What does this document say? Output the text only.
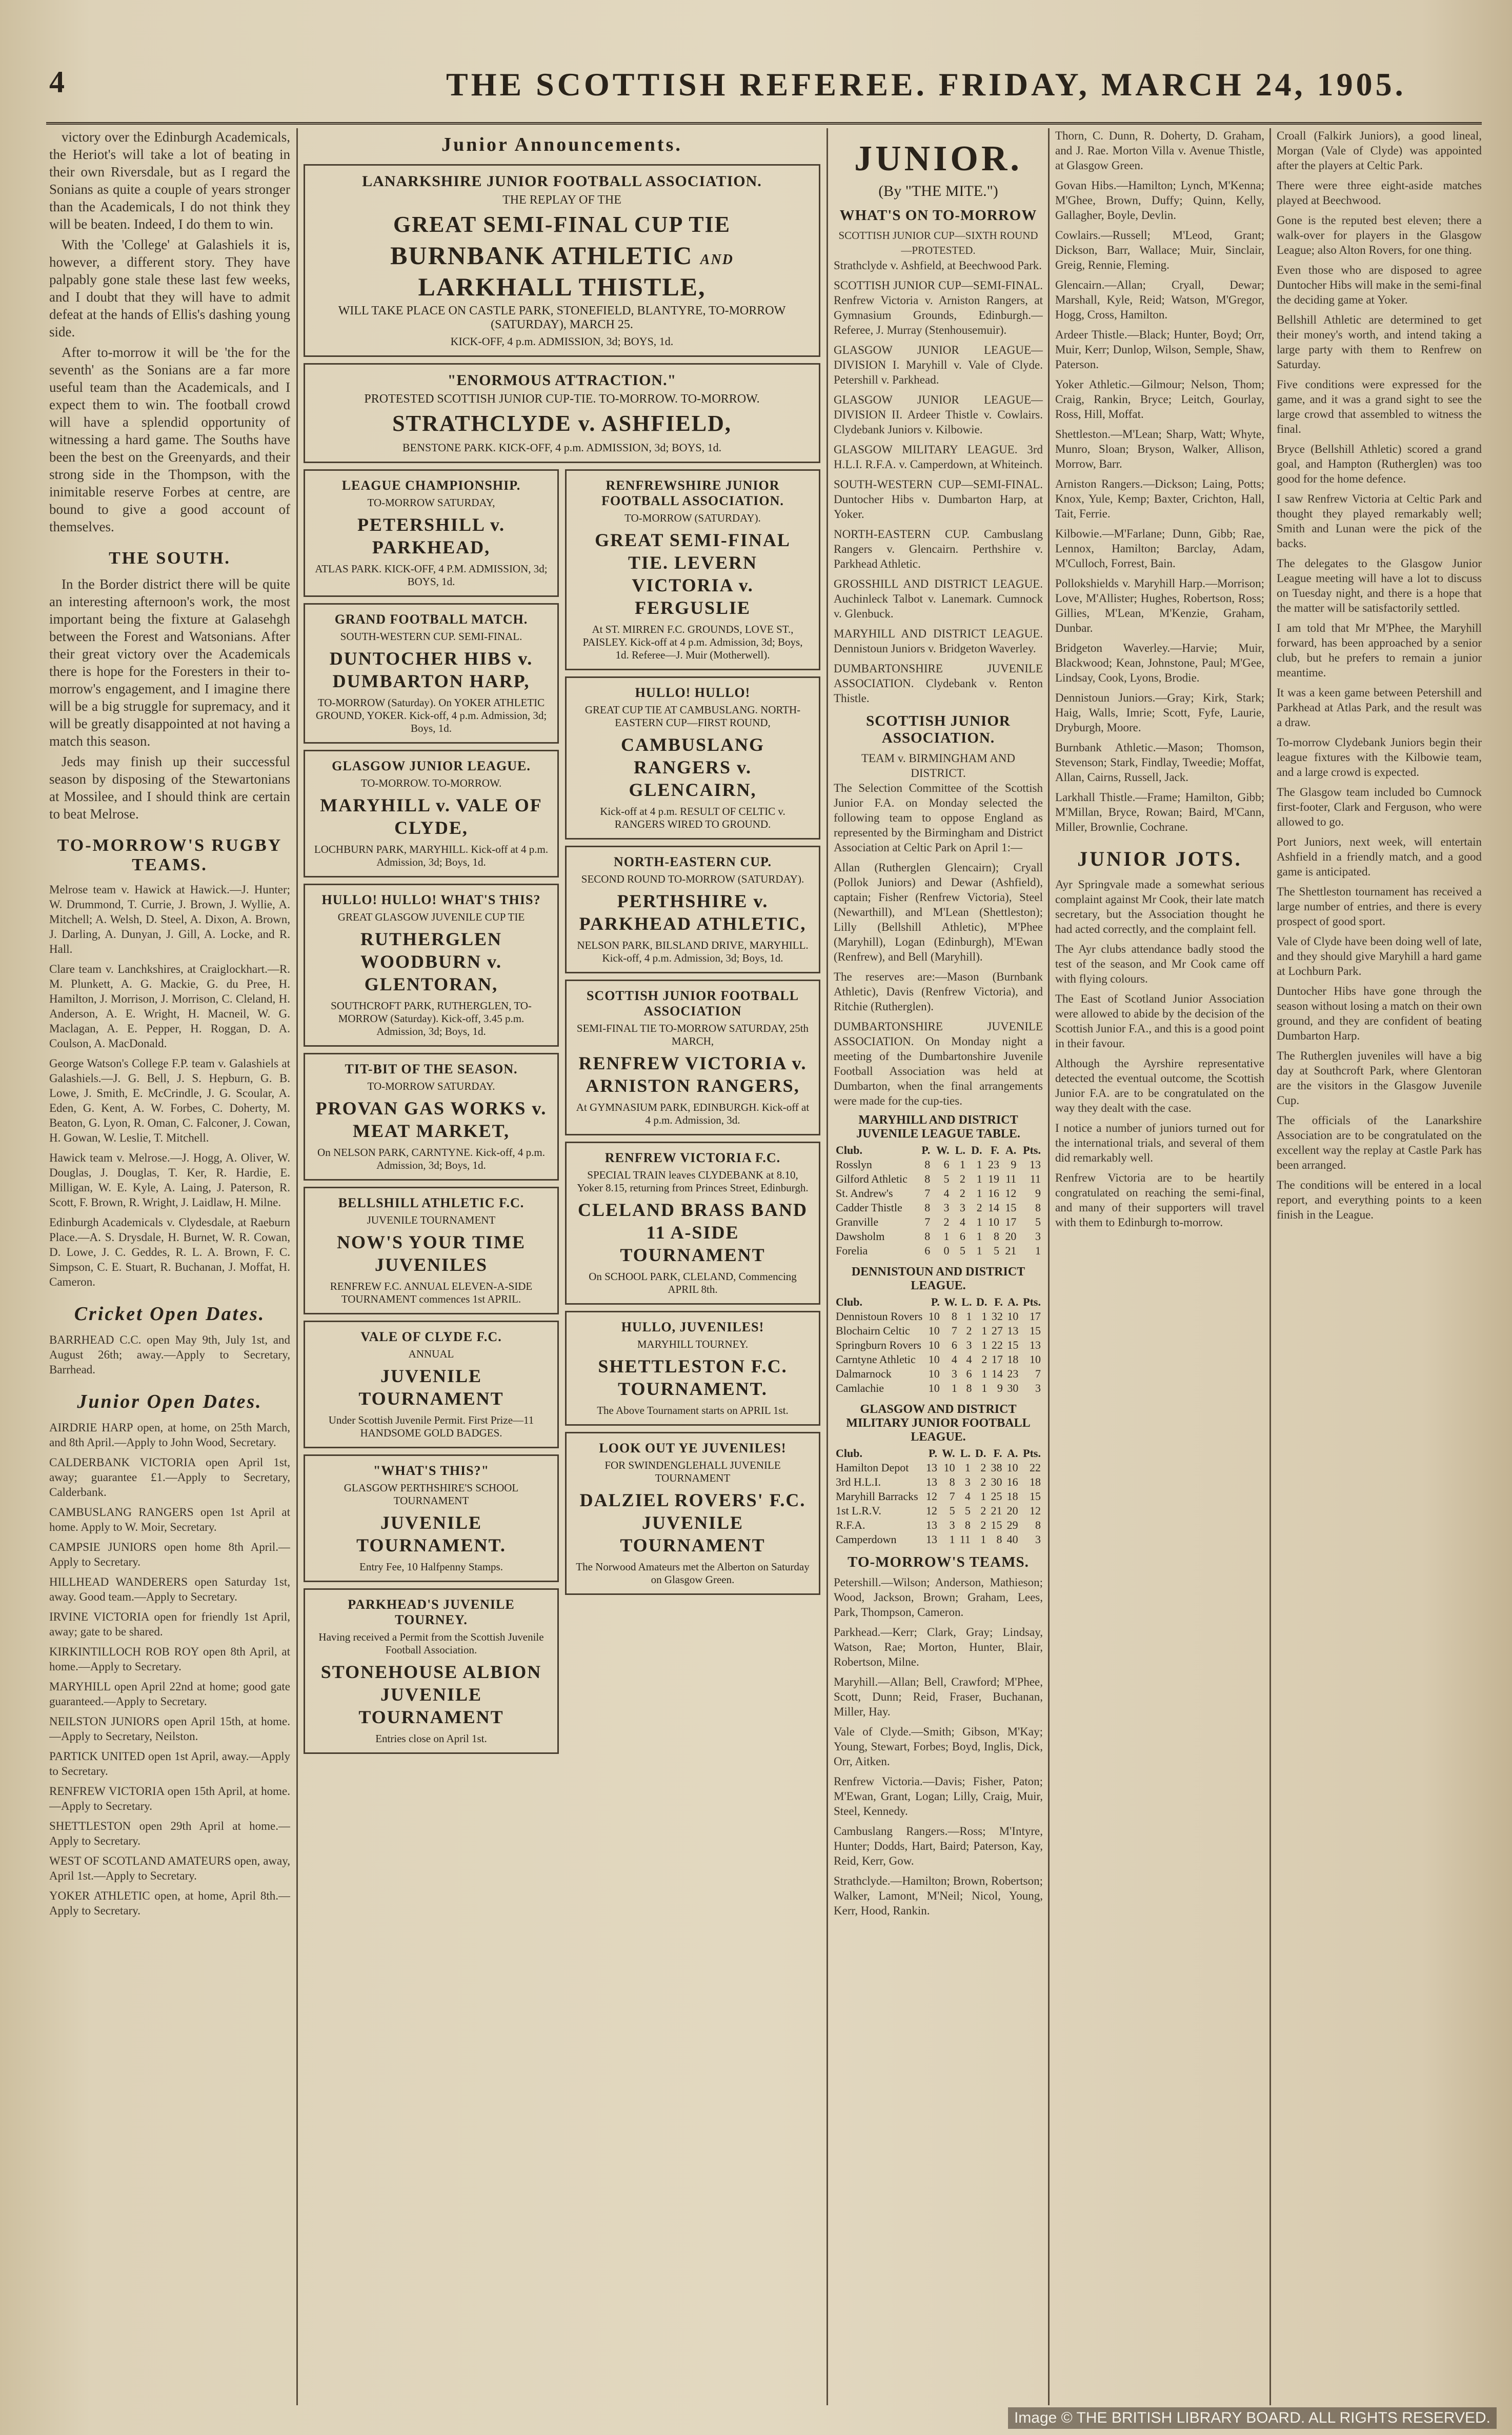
4	THE SCOTTISH REFEREE. FRIDAY, MARCH 24, 1905.

victory over the Edinburgh Academicals, the Heriot's will take a lot of beating in their own Riversdale, but as I regard the Sonians as quite a couple of years stronger than the Academicals, I do not think they will be beaten. Indeed, I do them to win.

With the 'College' at Galashiels it is, however, a different story. They have palpably gone stale these last few weeks, and I doubt that they will have to admit defeat at the hands of Ellis's dashing young side.

After to-morrow it will be 'the for the seventh' as the Sonians are a far more useful team than the Academicals, and I expect them to win. The football crowd will have a splendid opportunity of witnessing a hard game. The Souths have been the best on the Greenyards, and their strong side in the Thompson, with the inimitable reserve Forbes at centre, are bound to give a good account of themselves.

THE SOUTH.

In the Border district there will be quite an interesting afternoon's work, the most important being the fixture at Galasehgh between the Forest and Watsonians. After their great victory over the Academicals there is hope for the Foresters in their to-morrow's engagement, and I imagine there will be a big struggle for supremacy, and it will be greatly disappointed at not having a match this season.

Jeds may finish up their successful season by disposing of the Stewartonians at Mossilee, and I should think are certain to beat Melrose.

TO-MORROW'S RUGBY TEAMS.

Melrose team v. Hawick at Hawick.—J. Hunter; W. Drummond, T. Currie, J. Brown, J. Wyllie, A. Mitchell; A. Welsh, D. Steel, A. Dixon, A. Brown, J. Darling, A. Dunyan, J. Gill, A. Locke, and R. Hall.

Clare team v. Lanchkshires, at Craiglockhart.—R. M. Plunkett, A. G. Mackie, G. du Pree, H. Hamilton, J. Morrison, J. Morrison, C. Cleland, H. Anderson, A. E. Wright, H. Macneil, W. G. Maclagan, A. E. Pepper, H. Roggan, D. A. Coulson, A. MacDonald.

George Watson's College F.P. team v. Galashiels at Galashiels.—J. G. Bell, J. S. Hepburn, G. B. Lowe, J. Smith, E. McCrindle, J. G. Scoular, A. Eden, G. Kent, A. W. Forbes, C. Doherty, M. Beaton, G. Lyon, R. Oman, C. Falconer, J. Cowan, H. Gowan, W. Leslie, T. Mitchell.

Hawick team v. Melrose.—J. Hogg, A. Oliver, W. Douglas, J. Douglas, T. Ker, R. Hardie, E. Milligan, W. E. Kyle, A. Laing, J. Paterson, R. Scott, F. Brown, R. Wright, J. Laidlaw, H. Milne.

Edinburgh Academicals v. Clydesdale, at Raeburn Place.—A. S. Drysdale, H. Burnet, W. R. Cowan, D. Lowe, J. C. Geddes, R. L. A. Brown, F. C. Simpson, C. E. Stuart, R. Buchanan, J. Moffat, H. Cameron.

Cricket Open Dates.

BARRHEAD C.C. open May 9th, July 1st, and August 26th; away.—Apply to Secretary, Barrhead.

Junior Open Dates.

AIRDRIE HARP open, at home, on 25th March, and 8th April.—Apply to John Wood, Secretary.

CALDERBANK VICTORIA open April 1st, away; guarantee £1.—Apply to Secretary, Calderbank.

CAMBUSLANG RANGERS open 1st April at home. Apply to W. Moir, Secretary.

CAMPSIE JUNIORS open home 8th April.—Apply to Secretary.

HILLHEAD WANDERERS open Saturday 1st, away. Good team.—Apply to Secretary.

IRVINE VICTORIA open for friendly 1st April, away; gate to be shared.

KIRKINTILLOCH ROB ROY open 8th April, at home.—Apply to Secretary.

MARYHILL open April 22nd at home; good gate guaranteed.—Apply to Secretary.

NEILSTON JUNIORS open April 15th, at home.—Apply to Secretary, Neilston.

PARTICK UNITED open 1st April, away.—Apply to Secretary.

RENFREW VICTORIA open 15th April, at home.—Apply to Secretary.

SHETTLESTON open 29th April at home.—Apply to Secretary.

WEST OF SCOTLAND AMATEURS open, away, April 1st.—Apply to Secretary.

YOKER ATHLETIC open, at home, April 8th.—Apply to Secretary.

Junior Announcements.
LANARKSHIRE JUNIOR FOOTBALL ASSOCIATION.
THE REPLAY OF THE
GREAT SEMI-FINAL CUP TIE
BURNBANK ATHLETIC AND LARKHALL THISTLE,
WILL TAKE PLACE ON CASTLE PARK, STONEFIELD, BLANTYRE, TO-MORROW (SATURDAY), MARCH 25.
KICK-OFF, 4 p.m. ADMISSION, 3d; BOYS, 1d.
"ENORMOUS ATTRACTION."
PROTESTED SCOTTISH JUNIOR CUP-TIE. TO-MORROW. TO-MORROW.
STRATHCLYDE v. ASHFIELD,
BENSTONE PARK. KICK-OFF, 4 p.m. ADMISSION, 3d; BOYS, 1d.
LEAGUE CHAMPIONSHIP.
TO-MORROW SATURDAY,
PETERSHILL v. PARKHEAD,
ATLAS PARK. KICK-OFF, 4 P.M. ADMISSION, 3d; BOYS, 1d.
GRAND FOOTBALL MATCH.
SOUTH-WESTERN CUP. SEMI-FINAL.
DUNTOCHER HIBS v. DUMBARTON HARP,
TO-MORROW (Saturday). On YOKER ATHLETIC GROUND, YOKER. Kick-off, 4 p.m. Admission, 3d; Boys, 1d.
GLASGOW JUNIOR LEAGUE.
TO-MORROW. TO-MORROW.
MARYHILL v. VALE OF CLYDE,
LOCHBURN PARK, MARYHILL. Kick-off at 4 p.m. Admission, 3d; Boys, 1d.
HULLO! HULLO! WHAT'S THIS?
GREAT GLASGOW JUVENILE CUP TIE
RUTHERGLEN WOODBURN v. GLENTORAN,
SOUTHCROFT PARK, RUTHERGLEN, TO-MORROW (Saturday). Kick-off, 3.45 p.m. Admission, 3d; Boys, 1d.
TIT-BIT OF THE SEASON.
TO-MORROW SATURDAY.
PROVAN GAS WORKS v. MEAT MARKET,
On NELSON PARK, CARNTYNE. Kick-off, 4 p.m. Admission, 3d; Boys, 1d.
BELLSHILL ATHLETIC F.C.
JUVENILE TOURNAMENT
NOW'S YOUR TIME JUVENILES
RENFREW F.C. ANNUAL ELEVEN-A-SIDE TOURNAMENT commences 1st APRIL.
VALE OF CLYDE F.C.
ANNUAL
JUVENILE TOURNAMENT
Under Scottish Juvenile Permit. First Prize—11 HANDSOME GOLD BADGES.
"WHAT'S THIS?"
GLASGOW PERTHSHIRE'S SCHOOL TOURNAMENT
JUVENILE TOURNAMENT.
Entry Fee, 10 Halfpenny Stamps.
PARKHEAD'S JUVENILE TOURNEY.
Having received a Permit from the Scottish Juvenile Football Association.
STONEHOUSE ALBION JUVENILE TOURNAMENT
Entries close on April 1st.
RENFREWSHIRE JUNIOR FOOTBALL ASSOCIATION.
TO-MORROW (SATURDAY).
GREAT SEMI-FINAL TIE. LEVERN VICTORIA v. FERGUSLIE
At ST. MIRREN F.C. GROUNDS, LOVE ST., PAISLEY. Kick-off at 4 p.m. Admission, 3d; Boys, 1d. Referee—J. Muir (Motherwell).
HULLO! HULLO!
GREAT CUP TIE AT CAMBUSLANG. NORTH-EASTERN CUP—FIRST ROUND,
CAMBUSLANG RANGERS v. GLENCAIRN,
Kick-off at 4 p.m. RESULT OF CELTIC v. RANGERS WIRED TO GROUND.
NORTH-EASTERN CUP.
SECOND ROUND TO-MORROW (SATURDAY).
PERTHSHIRE v. PARKHEAD ATHLETIC,
NELSON PARK, BILSLAND DRIVE, MARYHILL. Kick-off, 4 p.m. Admission, 3d; Boys, 1d.
SCOTTISH JUNIOR FOOTBALL ASSOCIATION
SEMI-FINAL TIE TO-MORROW SATURDAY, 25th MARCH,
RENFREW VICTORIA v. ARNISTON RANGERS,
At GYMNASIUM PARK, EDINBURGH. Kick-off at 4 p.m. Admission, 3d.
RENFREW VICTORIA F.C.
SPECIAL TRAIN leaves CLYDEBANK at 8.10, Yoker 8.15, returning from Princes Street, Edinburgh.
CLELAND BRASS BAND 11 A-SIDE TOURNAMENT
On SCHOOL PARK, CLELAND, Commencing APRIL 8th.
HULLO, JUVENILES!
MARYHILL TOURNEY.
SHETTLESTON F.C. TOURNAMENT.
The Above Tournament starts on APRIL 1st.
LOOK OUT YE JUVENILES!
FOR SWINDENGLEHALL JUVENILE TOURNAMENT
DALZIEL ROVERS' F.C. JUVENILE TOURNAMENT
The Norwood Amateurs met the Alberton on Saturday on Glasgow Green.
JUNIOR.
(By "THE MITE.")
WHAT'S ON TO-MORROW
SCOTTISH JUNIOR CUP—SIXTH ROUND—PROTESTED.

Strathclyde v. Ashfield, at Beechwood Park.

SCOTTISH JUNIOR CUP—SEMI-FINAL. Renfrew Victoria v. Arniston Rangers, at Gymnasium Grounds, Edinburgh.—Referee, J. Murray (Stenhousemuir).

GLASGOW JUNIOR LEAGUE—DIVISION I. Maryhill v. Vale of Clyde. Petershill v. Parkhead.

GLASGOW JUNIOR LEAGUE—DIVISION II. Ardeer Thistle v. Cowlairs. Clydebank Juniors v. Kilbowie.

GLASGOW MILITARY LEAGUE. 3rd H.L.I. R.F.A. v. Camperdown, at Whiteinch.

SOUTH-WESTERN CUP—SEMI-FINAL. Duntocher Hibs v. Dumbarton Harp, at Yoker.

NORTH-EASTERN CUP. Cambuslang Rangers v. Glencairn. Perthshire v. Parkhead Athletic.

GROSSHILL AND DISTRICT LEAGUE. Auchinleck Talbot v. Lanemark. Cumnock v. Glenbuck.

MARYHILL AND DISTRICT LEAGUE. Dennistoun Juniors v. Bridgeton Waverley.

DUMBARTONSHIRE JUVENILE ASSOCIATION. Clydebank v. Renton Thistle.

SCOTTISH JUNIOR ASSOCIATION.
TEAM v. BIRMINGHAM AND DISTRICT.

The Selection Committee of the Scottish Junior F.A. on Monday selected the following team to oppose England as represented by the Birmingham and District Association at Celtic Park on April 1:—

Allan (Rutherglen Glencairn); Cryall (Pollok Juniors) and Dewar (Ashfield), captain; Fisher (Renfrew Victoria), Steel (Newarthill), and M'Lean (Shettleston); Lilly (Bellshill Athletic), M'Phee (Maryhill), Logan (Edinburgh), M'Ewan (Renfrew), and Bell (Maryhill).

The reserves are:—Mason (Burnbank Athletic), Davis (Renfrew Victoria), and Ritchie (Rutherglen).

DUMBARTONSHIRE JUVENILE ASSOCIATION. On Monday night a meeting of the Dumbartonshire Juvenile Football Association was held at Dumbarton, when the final arrangements were made for the cup-ties.

MARYHILL AND DISTRICT JUVENILE LEAGUE TABLE.
Club.	P.	W.	L.	D.	F.	A.	Pts.
Rosslyn	8	6	1	1	23	9	13
Gilford Athletic	8	5	2	1	19	11	11
St. Andrew's	7	4	2	1	16	12	9
Cadder Thistle	8	3	3	2	14	15	8
Granville	7	2	4	1	10	17	5
Dawsholm	8	1	6	1	8	20	3
Forelia	6	0	5	1	5	21	1
DENNISTOUN AND DISTRICT LEAGUE.
Club.	P.	W.	L.	D.	F.	A.	Pts.
Dennistoun Rovers	10	8	1	1	32	10	17
Blochairn Celtic	10	7	2	1	27	13	15
Springburn Rovers	10	6	3	1	22	15	13
Carntyne Athletic	10	4	4	2	17	18	10
Dalmarnock	10	3	6	1	14	23	7
Camlachie	10	1	8	1	9	30	3
GLASGOW AND DISTRICT MILITARY JUNIOR FOOTBALL LEAGUE.
Club.	P.	W.	L.	D.	F.	A.	Pts.
Hamilton Depot	13	10	1	2	38	10	22
3rd H.L.I.	13	8	3	2	30	16	18
Maryhill Barracks	12	7	4	1	25	18	15
1st L.R.V.	12	5	5	2	21	20	12
R.F.A.	13	3	8	2	15	29	8
Camperdown	13	1	11	1	8	40	3
TO-MORROW'S TEAMS.

Petershill.—Wilson; Anderson, Mathieson; Wood, Jackson, Brown; Graham, Lees, Park, Thompson, Cameron.

Parkhead.—Kerr; Clark, Gray; Lindsay, Watson, Rae; Morton, Hunter, Blair, Robertson, Milne.

Maryhill.—Allan; Bell, Crawford; M'Phee, Scott, Dunn; Reid, Fraser, Buchanan, Miller, Hay.

Vale of Clyde.—Smith; Gibson, M'Kay; Young, Stewart, Forbes; Boyd, Inglis, Dick, Orr, Aitken.

Renfrew Victoria.—Davis; Fisher, Paton; M'Ewan, Grant, Logan; Lilly, Craig, Muir, Steel, Kennedy.

Cambuslang Rangers.—Ross; M'Intyre, Hunter; Dodds, Hart, Baird; Paterson, Kay, Reid, Kerr, Gow.

Strathclyde.—Hamilton; Brown, Robertson; Walker, Lamont, M'Neil; Nicol, Young, Kerr, Hood, Rankin.

Thorn, C. Dunn, R. Doherty, D. Graham, and J. Rae. Morton Villa v. Avenue Thistle, at Glasgow Green.

Govan Hibs.—Hamilton; Lynch, M'Kenna; M'Ghee, Brown, Duffy; Quinn, Kelly, Gallagher, Boyle, Devlin.

Cowlairs.—Russell; M'Leod, Grant; Dickson, Barr, Wallace; Muir, Sinclair, Greig, Rennie, Fleming.

Glencairn.—Allan; Cryall, Dewar; Marshall, Kyle, Reid; Watson, M'Gregor, Hogg, Cross, Hamilton.

Ardeer Thistle.—Black; Hunter, Boyd; Orr, Muir, Kerr; Dunlop, Wilson, Semple, Shaw, Paterson.

Yoker Athletic.—Gilmour; Nelson, Thom; Craig, Rankin, Bryce; Leitch, Gourlay, Ross, Hill, Moffat.

Shettleston.—M'Lean; Sharp, Watt; Whyte, Munro, Sloan; Bryson, Walker, Allison, Morrow, Barr.

Arniston Rangers.—Dickson; Laing, Potts; Knox, Yule, Kemp; Baxter, Crichton, Hall, Tait, Ferrie.

Kilbowie.—M'Farlane; Dunn, Gibb; Rae, Lennox, Hamilton; Barclay, Adam, M'Culloch, Forrest, Bain.

Pollokshields v. Maryhill Harp.—Morrison; Love, M'Allister; Hughes, Robertson, Ross; Gillies, M'Lean, M'Kenzie, Graham, Dunbar.

Bridgeton Waverley.—Harvie; Muir, Blackwood; Kean, Johnstone, Paul; M'Gee, Lindsay, Cook, Lyons, Brodie.

Dennistoun Juniors.—Gray; Kirk, Stark; Haig, Walls, Imrie; Scott, Fyfe, Laurie, Dryburgh, Moore.

Burnbank Athletic.—Mason; Thomson, Stevenson; Stark, Findlay, Tweedie; Moffat, Allan, Cairns, Russell, Jack.

Larkhall Thistle.—Frame; Hamilton, Gibb; M'Millan, Bryce, Rowan; Baird, M'Cann, Miller, Brownlie, Cochrane.

JUNIOR JOTS.

Ayr Springvale made a somewhat serious complaint against Mr Cook, their late match secretary, but the Association thought he had acted correctly, and the complaint fell.

The Ayr clubs attendance badly stood the test of the season, and Mr Cook came off with flying colours.

The East of Scotland Junior Association were allowed to abide by the decision of the Scottish Junior F.A., and this is a good point in their favour.

Although the Ayrshire representative detected the eventual outcome, the Scottish Junior F.A. are to be congratulated on the way they dealt with the case.

I notice a number of juniors turned out for the international trials, and several of them did remarkably well.

Renfrew Victoria are to be heartily congratulated on reaching the semi-final, and many of their supporters will travel with them to Edinburgh to-morrow.

Croall (Falkirk Juniors), a good lineal, Morgan (Vale of Clyde) was appointed after the players at Celtic Park.

There were three eight-aside matches played at Beechwood.

Gone is the reputed best eleven; there a walk-over for players in the Glasgow League; also Alton Rovers, for one thing.

Even those who are disposed to agree Duntocher Hibs will make in the semi-final the deciding game at Yoker.

Bellshill Athletic are determined to get their money's worth, and intend taking a large party with them to Renfrew on Saturday.

Five conditions were expressed for the game, and it was a grand sight to see the large crowd that assembled to witness the final.

Bryce (Bellshill Athletic) scored a grand goal, and Hampton (Rutherglen) was too good for the home defence.

I saw Renfrew Victoria at Celtic Park and thought they played remarkably well; Smith and Lunan were the pick of the backs.

The delegates to the Glasgow Junior League meeting will have a lot to discuss on Tuesday night, and there is a hope that the matter will be satisfactorily settled.

I am told that Mr M'Phee, the Maryhill forward, has been approached by a senior club, but he prefers to remain a junior meantime.

It was a keen game between Petershill and Parkhead at Atlas Park, and the result was a draw.

To-morrow Clydebank Juniors begin their league fixtures with the Kilbowie team, and a large crowd is expected.

The Glasgow team included bo Cumnock first-footer, Clark and Ferguson, who were allowed to go.

Port Juniors, next week, will entertain Ashfield in a friendly match, and a good game is anticipated.

The Shettleston tournament has received a large number of entries, and there is every prospect of good sport.

Vale of Clyde have been doing well of late, and they should give Maryhill a hard game at Lochburn Park.

Duntocher Hibs have gone through the season without losing a match on their own ground, and they are confident of beating Dumbarton Harp.

The Rutherglen juveniles will have a big day at Southcroft Park, where Glentoran are the visitors in the Glasgow Juvenile Cup.

The officials of the Lanarkshire Association are to be congratulated on the excellent way the replay at Castle Park has been arranged.

The conditions will be entered in a local report, and everything points to a keen finish in the League.

Image © THE BRITISH LIBRARY BOARD. ALL RIGHTS RESERVED.
